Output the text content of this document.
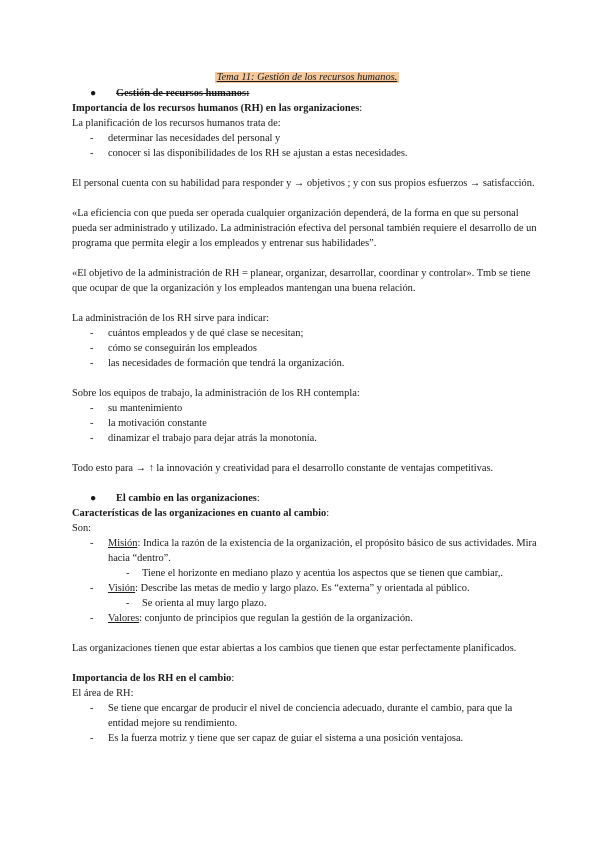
Tema 11: Gestión de los recursos humanos.
● Gestión de recursos humanos:

Importancia de los recursos humanos (RH) en las organizaciones:

La planificación de los recursos humanos trata de:

- determinar las necesidades del personal y
- conocer si las disponibilidades de los RH se ajustan a estas necesidades.

El personal cuenta con su habilidad para responder y → objetivos ; y con sus propios esfuerzos → satisfacción.

«La eficiencia con que pueda ser operada cualquier organización dependerá, de la forma en que su personal pueda ser administrado y utilizado. La administración efectiva del personal también requiere el desarrollo de un programa que permita elegir a los empleados y entrenar sus habilidades”.

«El objetivo de la administración de RH = planear, organizar, desarrollar, coordinar y controlar». Tmb se tiene que ocupar de que la organización y los empleados mantengan una buena relación.

La administración de los RH sirve para indicar:

- cuántos empleados y de qué clase se necesitan;
- cómo se conseguirán los empleados
- las necesidades de formación que tendrá la organización.

Sobre los equipos de trabajo, la administración de los RH contempla:

- su mantenimiento
- la motivación constante
- dinamizar el trabajo para dejar atrás la monotonía.

Todo esto para → ↑ la innovación y creatividad para el desarrollo constante de ventajas competitivas.

● El cambio en las organizaciones:

Características de las organizaciones en cuanto al cambio:

Son:

- Misión: Indica la razón de la existencia de la organización, el propósito básico de sus actividades. Mira hacia “dentro”.
- Tiene el horizonte en mediano plazo y acentúa los aspectos que se tienen que cambiar,.
- Visión: Describe las metas de medio y largo plazo. Es “externa” y orientada al público.
- Se orienta al muy largo plazo.
- Valores: conjunto de principios que regulan la gestión de la organización.

Las organizaciones tienen que estar abiertas a los cambios que tienen que estar perfectamente planificados.

Importancia de los RH en el cambio:

El área de RH:

- Se tiene que encargar de producir el nivel de conciencia adecuado, durante el cambio, para que la entidad mejore su rendimiento.
- Es la fuerza motriz y tiene que ser capaz de guiar el sistema a una posición ventajosa.
